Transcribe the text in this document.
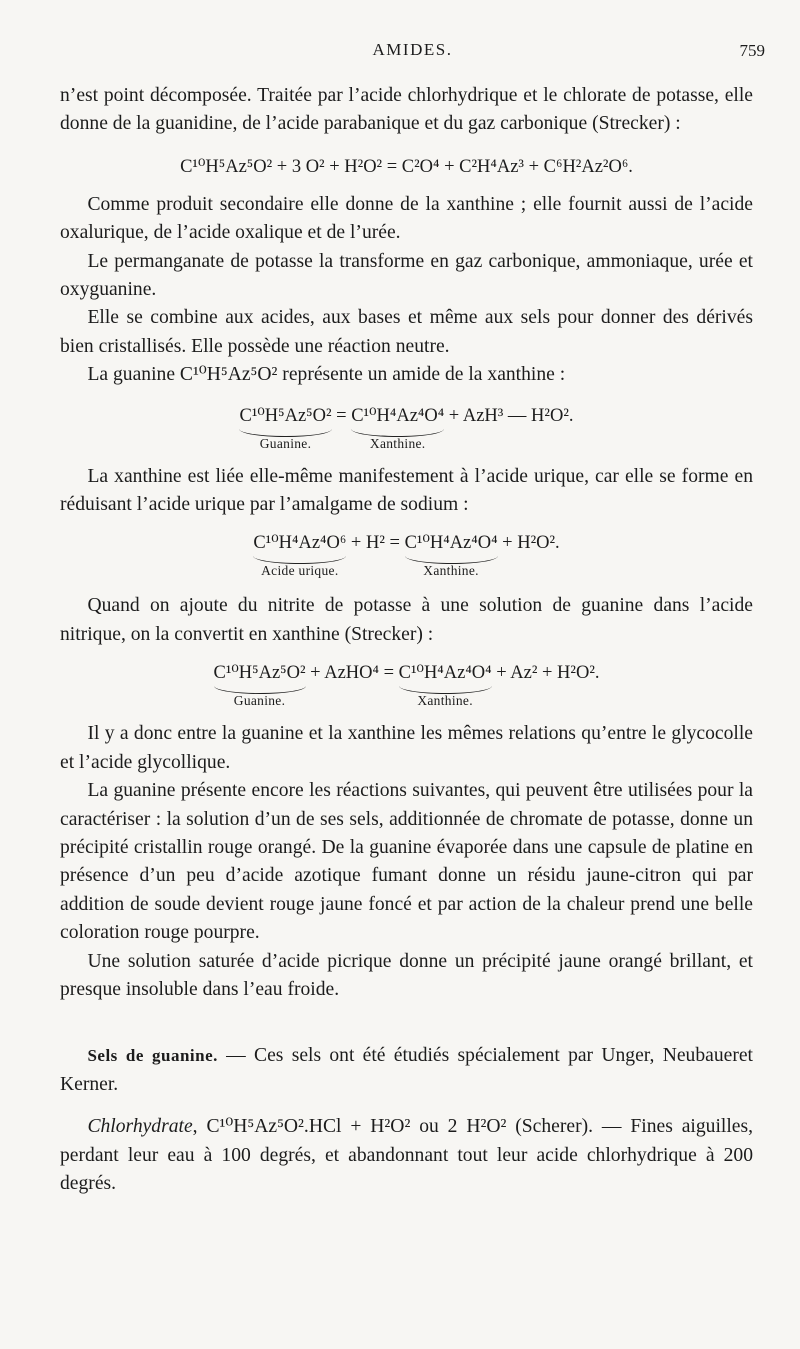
AMIDES.	759

n’est point décomposée. Traitée par l’acide chlorhydrique et le chlorate de potasse, elle donne de la guanidine, de l’acide parabanique et du gaz carbonique (Strecker) :

C¹⁰H⁵Az⁵O² + 3 O² + H²O² = C²O⁴ + C²H⁴Az³ + C⁶H²Az²O⁶.

Comme produit secondaire elle donne de la xanthine ; elle fournit aussi de l’acide oxalurique, de l’acide oxalique et de l’urée.

Le permanganate de potasse la transforme en gaz carbonique, ammoniaque, urée et oxyguanine.

Elle se combine aux acides, aux bases et même aux sels pour donner des dérivés bien cristallisés. Elle possède une réaction neutre.

La guanine C¹⁰H⁵Az⁵O² représente un amide de la xanthine :

C¹⁰H⁵Az⁵O²
Guanine.
= C¹⁰H⁴Az⁴O⁴
Xanthine.
+ AzH³ — H²O².

La xanthine est liée elle-même manifestement à l’acide urique, car elle se forme en réduisant l’acide urique par l’amalgame de sodium :

C¹⁰H⁴Az⁴O⁶
Acide urique.
+ H² = C¹⁰H⁴Az⁴O⁴
Xanthine.
+ H²O².

Quand on ajoute du nitrite de potasse à une solution de guanine dans l’acide nitrique, on la convertit en xanthine (Strecker) :

C¹⁰H⁵Az⁵O²
Guanine.
+ AzHO⁴ = C¹⁰H⁴Az⁴O⁴
Xanthine.
+ Az² + H²O².

Il y a donc entre la guanine et la xanthine les mêmes relations qu’entre le glycocolle et l’acide glycollique.

La guanine présente encore les réactions suivantes, qui peuvent être utilisées pour la caractériser : la solution d’un de ses sels, additionnée de chromate de potasse, donne un précipité cristallin rouge orangé. De la guanine évaporée dans une capsule de platine en présence d’un peu d’acide azotique fumant donne un résidu jaune-citron qui par addition de soude devient rouge jaune foncé et par action de la chaleur prend une belle coloration rouge pourpre.

Une solution saturée d’acide picrique donne un précipité jaune orangé brillant, et presque insoluble dans l’eau froide.

Sels de guanine. — Ces sels ont été étudiés spécialement par Unger, Neubaueret Kerner.

Chlorhydrate, C¹⁰H⁵Az⁵O².HCl + H²O² ou 2 H²O² (Scherer). — Fines aiguilles, perdant leur eau à 100 degrés, et abandonnant tout leur acide chlorhydrique à 200 degrés.
